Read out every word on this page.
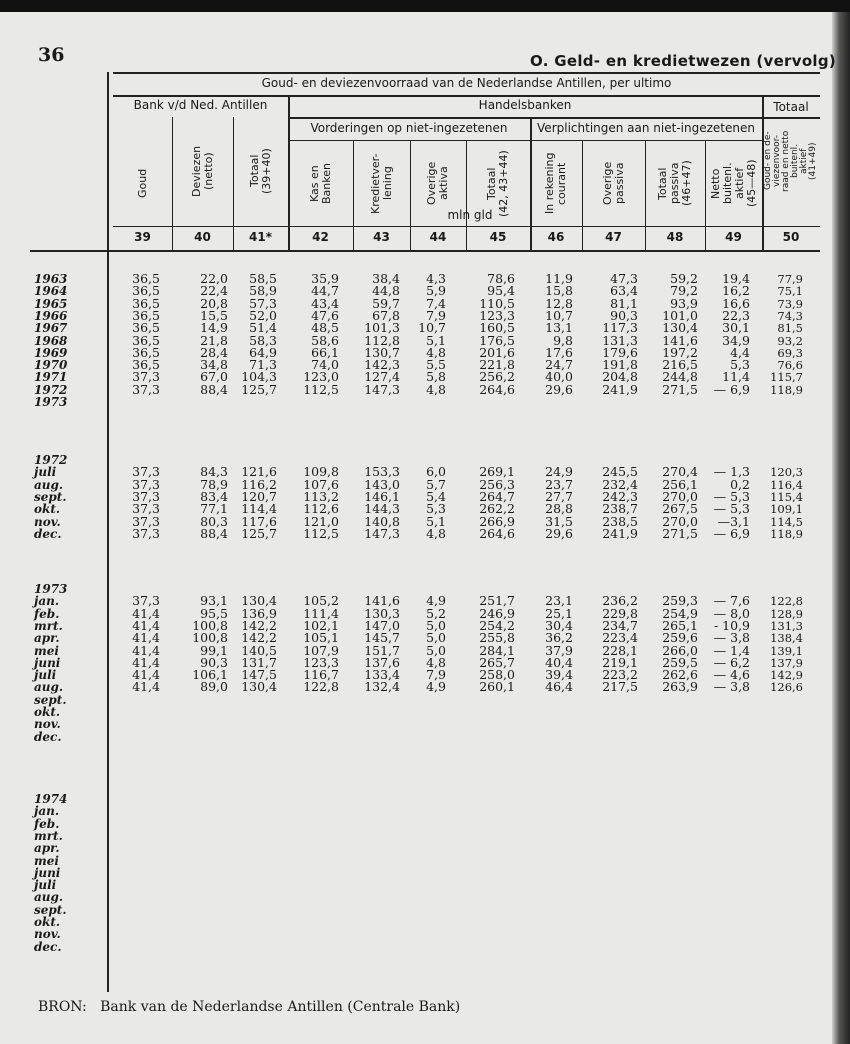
36	O. Geld- en kredietwezen (vervolg)
Goud- en deviezenvoorraad van de Nederlandse Antillen, per ultimo
Bank v/d Ned. Antillen	Handelsbanken	Totaal
Vorderingen op niet-ingezetenen	Verplichtingen aan niet-ingezetenen
mln gld
Goud
39
Deviezen
(netto)
40
Totaal
(39+40)
41*
Kas en
Banken
42
Kredietver-
lening
43
Overige
aktiva
44
Totaal
(42, 43+44)
45
In rekening
courant
46
Overige
passiva
47
Totaal
passiva
(46+47)
48
Netto
buitenl.
aktief
(45—48)
49
Goud- en de-
viezenvoor-
raad en netto
buitenl.
aktief
(41+49)
50
1963	36,5	22,0	58,5	35,9	38,4	4,3	78,6	11,9	47,3	59,2	19,4	77,9
1964	36,5	22,4	58,9	44,7	44,8	5,9	95,4	15,8	63,4	79,2	16,2	75,1
1965	36,5	20,8	57,3	43,4	59,7	7,4	110,5	12,8	81,1	93,9	16,6	73,9
1966	36,5	15,5	52,0	47,6	67,8	7,9	123,3	10,7	90,3	101,0	22,3	74,3
1967	36,5	14,9	51,4	48,5	101,3	10,7	160,5	13,1	117,3	130,4	30,1	81,5
1968	36,5	21,8	58,3	58,6	112,8	5,1	176,5	9,8	131,3	141,6	34,9	93,2
1969	36,5	28,4	64,9	66,1	130,7	4,8	201,6	17,6	179,6	197,2	4,4	69,3
1970	36,5	34,8	71,3	74,0	142,3	5,5	221,8	24,7	191,8	216,5	5,3	76,6
1971	37,3	67,0	104,3	123,0	127,4	5,8	256,2	40,0	204,8	244,8	11,4	115,7
1972	37,3	88,4	125,7	112,5	147,3	4,8	264,6	29,6	241,9	271,5	— 6,9	118,9
1973
1972
juli	37,3	84,3	121,6	109,8	153,3	6,0	269,1	24,9	245,5	270,4	— 1,3	120,3
aug.	37,3	78,9	116,2	107,6	143,0	5,7	256,3	23,7	232,4	256,1	0,2	116,4
sept.	37,3	83,4	120,7	113,2	146,1	5,4	264,7	27,7	242,3	270,0	— 5,3	115,4
okt.	37,3	77,1	114,4	112,6	144,3	5,3	262,2	28,8	238,7	267,5	— 5,3	109,1
nov.	37,3	80,3	117,6	121,0	140,8	5,1	266,9	31,5	238,5	270,0	—3,1	114,5
dec.	37,3	88,4	125,7	112,5	147,3	4,8	264,6	29,6	241,9	271,5	— 6,9	118,9
1973
jan.	37,3	93,1	130,4	105,2	141,6	4,9	251,7	23,1	236,2	259,3	— 7,6	122,8
feb.	41,4	95,5	136,9	111,4	130,3	5,2	246,9	25,1	229,8	254,9	— 8,0	128,9
mrt.	41,4	100,8	142,2	102,1	147,0	5,0	254,2	30,4	234,7	265,1	- 10,9	131,3
apr.	41,4	100,8	142,2	105,1	145,7	5,0	255,8	36,2	223,4	259,6	— 3,8	138,4
mei	41,4	99,1	140,5	107,9	151,7	5,0	284,1	37,9	228,1	266,0	— 1,4	139,1
juni	41,4	90,3	131,7	123,3	137,6	4,8	265,7	40,4	219,1	259,5	— 6,2	137,9
juli	41,4	106,1	147,5	116,7	133,4	7,9	258,0	39,4	223,2	262,6	— 4,6	142,9
aug.	41,4	89,0	130,4	122,8	132,4	4,9	260,1	46,4	217,5	263,9	— 3,8	126,6
sept.
okt.
nov.
dec.
1974
jan.
feb.
mrt.
apr.
mei
juni
juli
aug.
sept.
okt.
nov.
dec.
BRON: Bank van de Nederlandse Antillen (Centrale Bank)
